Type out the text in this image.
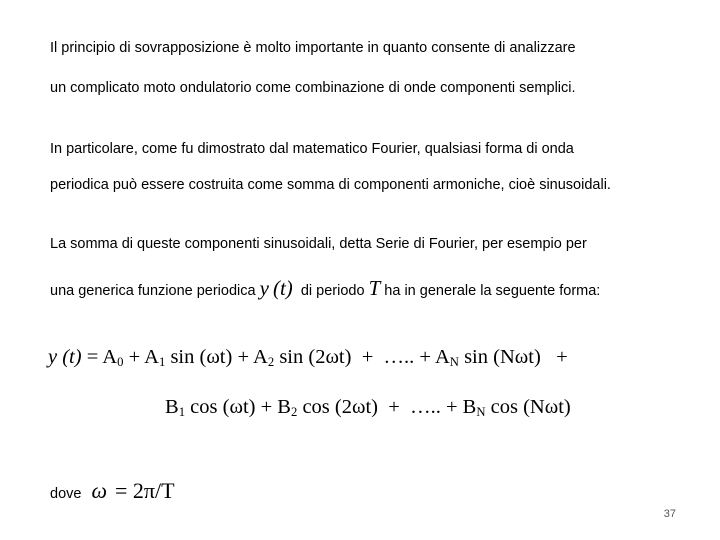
Il principio di sovrapposizione è molto importante in quanto consente di analizzare
un complicato moto ondulatorio come combinazione di onde componenti semplici.
In particolare, come fu dimostrato dal matematico Fourier, qualsiasi forma di onda
periodica può essere costruita come somma di componenti armoniche, cioè sinusoidali.
La somma di queste componenti sinusoidali, detta Serie di Fourier, per esempio per
una generica funzione periodica y (t) di periodo T ha in generale la seguente forma:
y $(t) = A_0 + A_1$ $\sin (\omega t) + A_2$ sin (2ωt) + ….. + $A_N$ sin (Nωt) +
$B_1$ $\cos (\omega t) + B_2$ cos (2ωt) + ….. + $B_N$ cos (Nωt)
dove ω = 2π/T
37
